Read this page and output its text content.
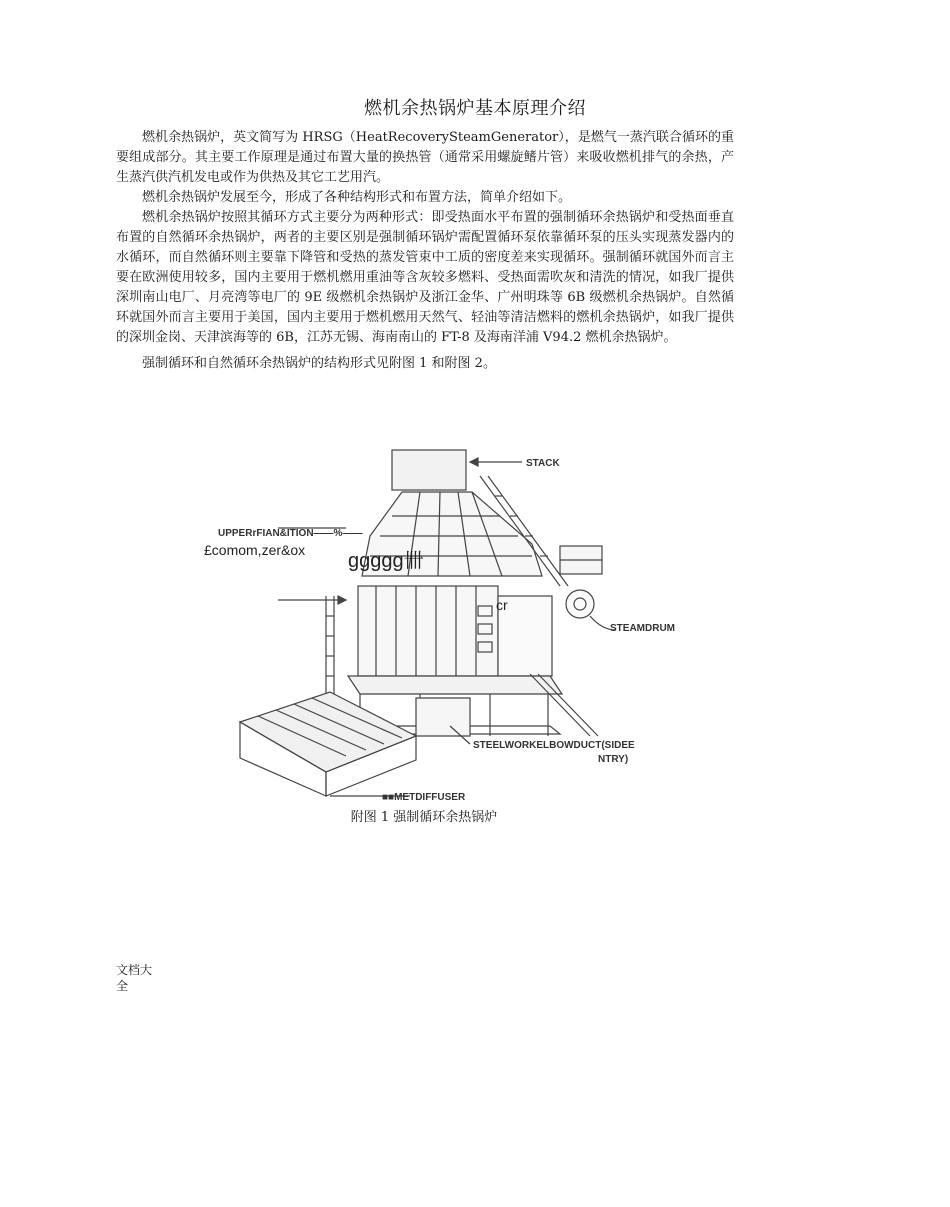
燃机余热锅炉基本原理介绍

燃机余热锅炉，英文简写为 HRSG（HeatRecoverySteamGenerator），是燃气一蒸汽联合循环的重要组成部分。其主要工作原理是通过布置大量的换热管（通常采用螺旋鳍片管）来吸收燃机排气的余热，产生蒸汽供汽机发电或作为供热及其它工艺用汽。

燃机余热锅炉发展至今，形成了各种结构形式和布置方法，简单介绍如下。

燃机余热锅炉按照其循环方式主要分为两种形式：即受热面水平布置的强制循环余热锅炉和受热面垂直布置的自然循环余热锅炉，两者的主要区别是强制循环锅炉需配置循环泵依靠循环泵的压头实现蒸发器内的水循环，而自然循环则主要靠下降管和受热的蒸发管束中工质的密度差来实现循环。强制循环就国外而言主要在欧洲使用较多，国内主要用于燃机燃用重油等含灰较多燃料、受热面需吹灰和清洗的情况，如我厂提供深圳南山电厂、月亮湾等电厂的 9E 级燃机余热锅炉及浙江金华、广州明珠等 6B 级燃机余热锅炉。自然循环就国外而言主要用于美国，国内主要用于燃机燃用天然气、轻油等清洁燃料的燃机余热锅炉，如我厂提供的深圳金岗、天津滨海等的 6B，江苏无锡、海南南山的 FT-8 及海南洋浦 V94.2 燃机余热锅炉。

强制循环和自然循环余热锅炉的结构形式见附图 1 和附图 2。

STACK
UPPERrFIAN&ITION——%——
£comom,zer&ox ggggg卌
cr
STEAMDRUM
STEELWORKELBOWDUCT(SIDEE
NTRY)
■■METDIFFUSER
附图 1 强制循环余热锅炉
文档大全
